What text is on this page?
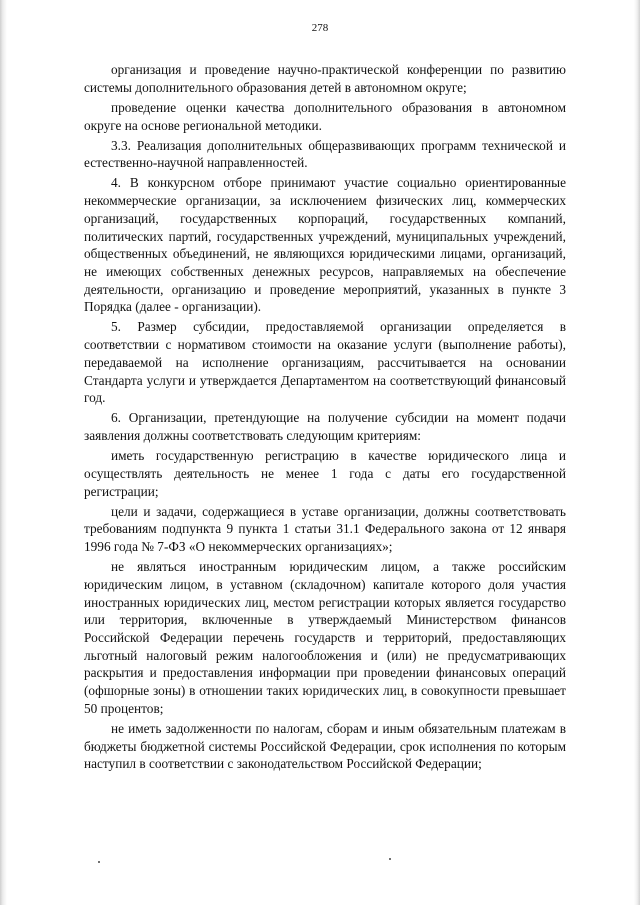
278

организация и проведение научно-практической конференции по развитию системы дополнительного образования детей в автономном округе;

проведение оценки качества дополнительного образования в автономном округе на основе региональной методики.

3.3. Реализация дополнительных общеразвивающих программ технической и естественно-научной направленностей.

4. В конкурсном отборе принимают участие социально ориентированные некоммерческие организации, за исключением физических лиц, коммерческих организаций, государственных корпораций, государственных компаний, политических партий, государственных учреждений, муниципальных учреждений, общественных объединений, не являющихся юридическими лицами, организаций, не имеющих собственных денежных ресурсов, направляемых на обеспечение деятельности, организацию и проведение мероприятий, указанных в пункте 3 Порядка (далее - организации).

5. Размер субсидии, предоставляемой организации определяется в соответствии с нормативом стоимости на оказание услуги (выполнение работы), передаваемой на исполнение организациям, рассчитывается на основании Стандарта услуги и утверждается Департаментом на соответствующий финансовый год.

6. Организации, претендующие на получение субсидии на момент подачи заявления должны соответствовать следующим критериям:

иметь государственную регистрацию в качестве юридического лица и осуществлять деятельность не менее 1 года с даты его государственной регистрации;

цели и задачи, содержащиеся в уставе организации, должны соответствовать требованиям подпункта 9 пункта 1 статьи 31.1 Федерального закона от 12 января 1996 года № 7-ФЗ «О некоммерческих организациях»;

не являться иностранным юридическим лицом, а также российским юридическим лицом, в уставном (складочном) капитале которого доля участия иностранных юридических лиц, местом регистрации которых является государство или территория, включенные в утверждаемый Министерством финансов Российской Федерации перечень государств и территорий, предоставляющих льготный налоговый режим налогообложения и (или) не предусматривающих раскрытия и предоставления информации при проведении финансовых операций (офшорные зоны) в отношении таких юридических лиц, в совокупности превышает 50 процентов;

не иметь задолженности по налогам, сборам и иным обязательным платежам в бюджеты бюджетной системы Российской Федерации, срок исполнения по которым наступил в соответствии с законодательством Российской Федерации;
